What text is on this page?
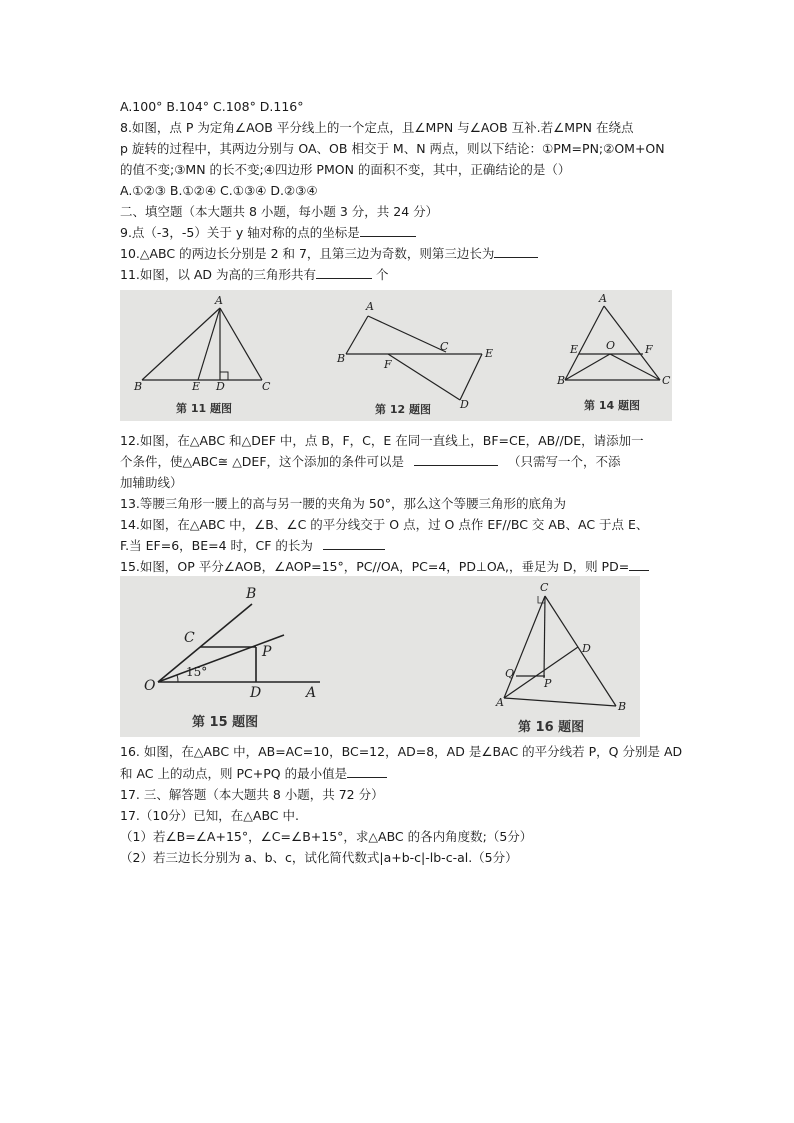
A.100° B.104° C.108° D.116°
8.如图，点 P 为定角∠AOB 平分线上的一个定点，且∠MPN 与∠AOB 互补.若∠MPN 在绕点
p 旋转的过程中，其两边分别与 OA、OB 相交于 M、N 两点，则以下结论：①PM=PN;②OM+ON
的值不变;③MN 的长不变;④四边形 PMON 的面积不变，其中，正确结论的是（）
A.①②③ B.①②④ C.①③④ D.②③④
二、填空题（本大题共 8 小题，每小题 3 分，共 24 分）
9.点（-3，-5）关于 y 轴对称的点的坐标是
10.△ABC 的两边长分别是 2 和 7，且第三边为奇数，则第三边长为
11.如图，以 AD 为高的三角形共有	个
A
B	E D	C
第 11 题图
A
B
C
E
F
D
第 12 题图
A
E	O	F
B	C
第 14 题图
12.如图，在△ABC 和△DEF 中，点 B，F，C，E 在同一直线上，BF=CE，AB//DE，请添加一
个条件，使△ABC≅ △DEF，这个添加的条件可以是	（只需写一个，不添
加辅助线）
13.等腰三角形一腰上的高与另一腰的夹角为 50°，那么这个等腰三角形的底角为
14.如图，在△ABC 中，∠B、∠C 的平分线交于 O 点，过 O 点作 EF//BC 交 AB、AC 于点 E、
F.当 EF=6，BE=4 时，CF 的长为
15.如图，OP 平分∠AOB，∠AOP=15°，PC//OA，PC=4，PD⊥OA,，垂足为 D，则 PD=
B
C
P
O	D	A
15°
第 15 题图
C
D
Q
P
A	B
第 16 题图
16. 如图，在△ABC 中，AB=AC=10，BC=12，AD=8，AD 是∠BAC 的平分线若 P，Q 分别是 AD
和 AC 上的动点，则 PC+PQ 的最小值是
17. 三、解答题（本大题共 8 小题，共 72 分）
17.（10分）已知，在△ABC 中.
（1）若∠B=∠A+15°，∠C=∠B+15°，求△ABC 的各内角度数;（5分）
（2）若三边长分别为 a、b、c，试化简代数式|a+b-c|-lb-c-al.（5分）
